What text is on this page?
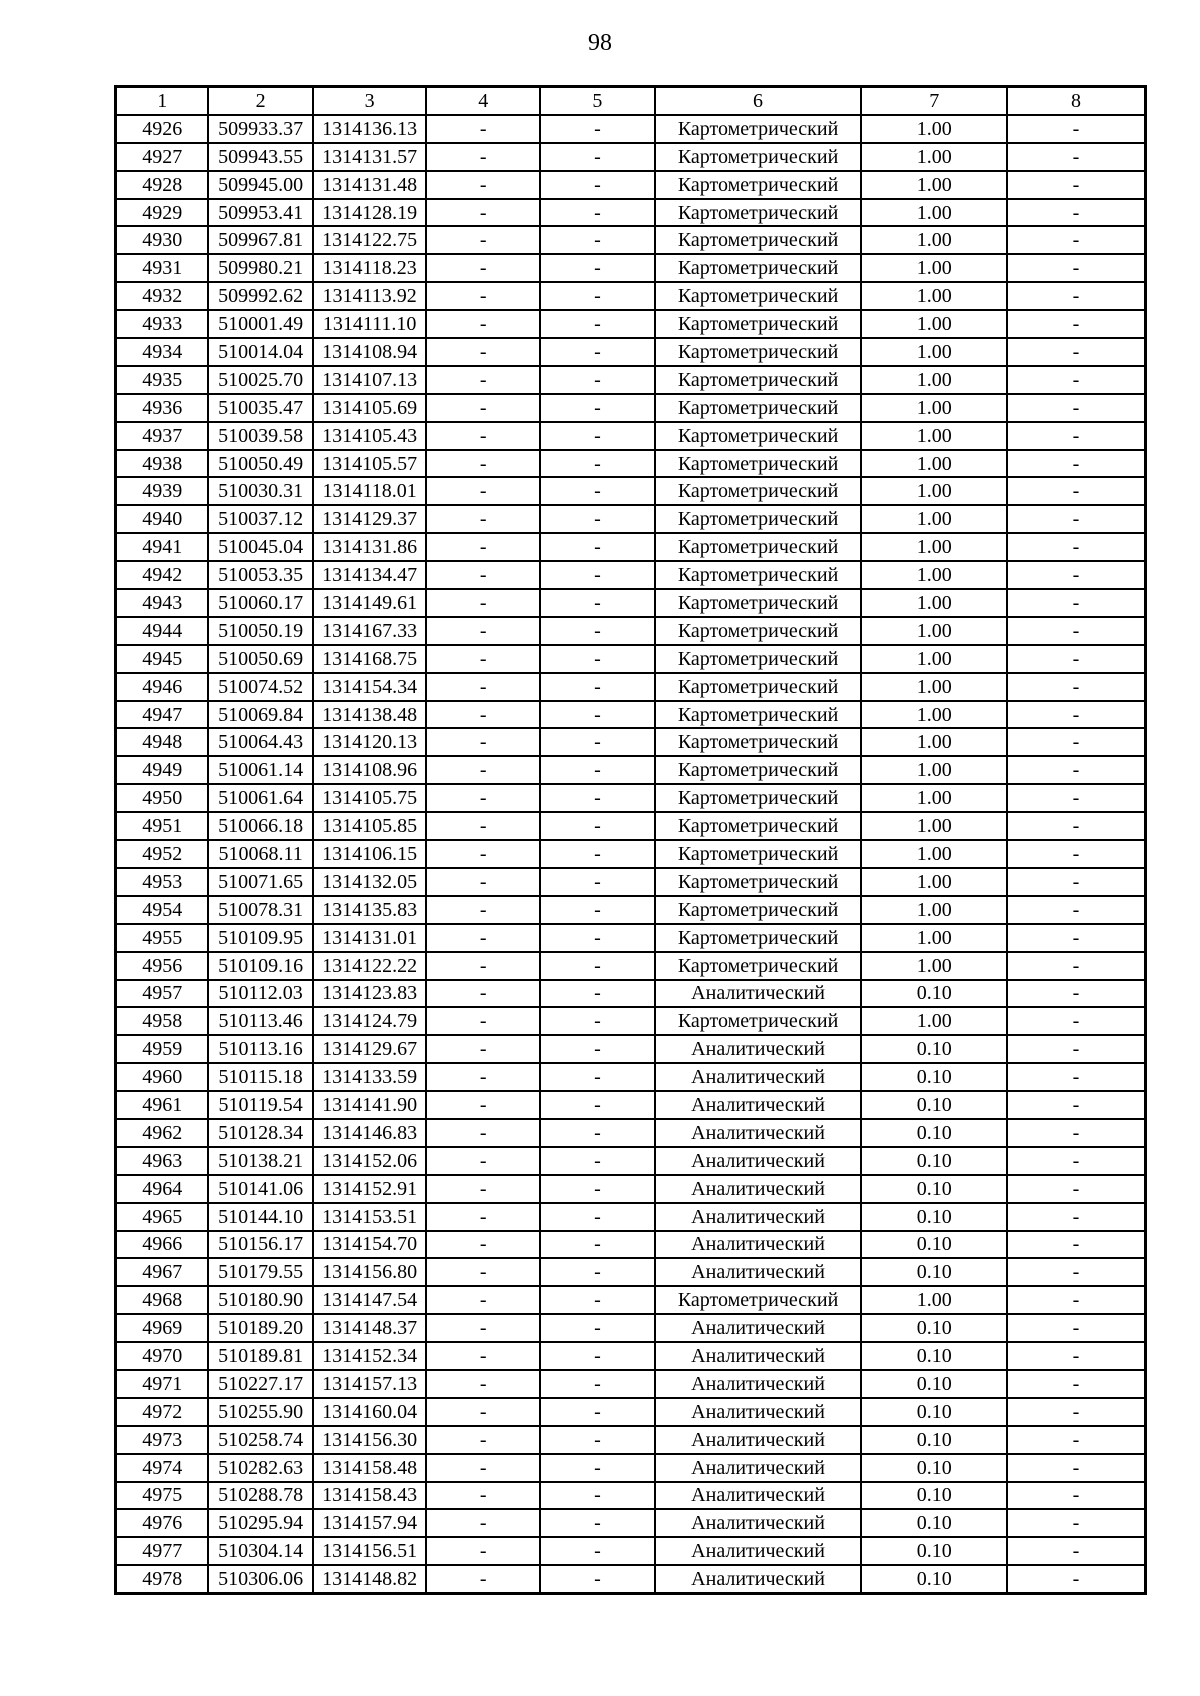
98
1	2	3	4	5	6	7	8
4926	509933.37	1314136.13	-	-	Картометрический	1.00	-
4927	509943.55	1314131.57	-	-	Картометрический	1.00	-
4928	509945.00	1314131.48	-	-	Картометрический	1.00	-
4929	509953.41	1314128.19	-	-	Картометрический	1.00	-
4930	509967.81	1314122.75	-	-	Картометрический	1.00	-
4931	509980.21	1314118.23	-	-	Картометрический	1.00	-
4932	509992.62	1314113.92	-	-	Картометрический	1.00	-
4933	510001.49	1314111.10	-	-	Картометрический	1.00	-
4934	510014.04	1314108.94	-	-	Картометрический	1.00	-
4935	510025.70	1314107.13	-	-	Картометрический	1.00	-
4936	510035.47	1314105.69	-	-	Картометрический	1.00	-
4937	510039.58	1314105.43	-	-	Картометрический	1.00	-
4938	510050.49	1314105.57	-	-	Картометрический	1.00	-
4939	510030.31	1314118.01	-	-	Картометрический	1.00	-
4940	510037.12	1314129.37	-	-	Картометрический	1.00	-
4941	510045.04	1314131.86	-	-	Картометрический	1.00	-
4942	510053.35	1314134.47	-	-	Картометрический	1.00	-
4943	510060.17	1314149.61	-	-	Картометрический	1.00	-
4944	510050.19	1314167.33	-	-	Картометрический	1.00	-
4945	510050.69	1314168.75	-	-	Картометрический	1.00	-
4946	510074.52	1314154.34	-	-	Картометрический	1.00	-
4947	510069.84	1314138.48	-	-	Картометрический	1.00	-
4948	510064.43	1314120.13	-	-	Картометрический	1.00	-
4949	510061.14	1314108.96	-	-	Картометрический	1.00	-
4950	510061.64	1314105.75	-	-	Картометрический	1.00	-
4951	510066.18	1314105.85	-	-	Картометрический	1.00	-
4952	510068.11	1314106.15	-	-	Картометрический	1.00	-
4953	510071.65	1314132.05	-	-	Картометрический	1.00	-
4954	510078.31	1314135.83	-	-	Картометрический	1.00	-
4955	510109.95	1314131.01	-	-	Картометрический	1.00	-
4956	510109.16	1314122.22	-	-	Картометрический	1.00	-
4957	510112.03	1314123.83	-	-	Аналитический	0.10	-
4958	510113.46	1314124.79	-	-	Картометрический	1.00	-
4959	510113.16	1314129.67	-	-	Аналитический	0.10	-
4960	510115.18	1314133.59	-	-	Аналитический	0.10	-
4961	510119.54	1314141.90	-	-	Аналитический	0.10	-
4962	510128.34	1314146.83	-	-	Аналитический	0.10	-
4963	510138.21	1314152.06	-	-	Аналитический	0.10	-
4964	510141.06	1314152.91	-	-	Аналитический	0.10	-
4965	510144.10	1314153.51	-	-	Аналитический	0.10	-
4966	510156.17	1314154.70	-	-	Аналитический	0.10	-
4967	510179.55	1314156.80	-	-	Аналитический	0.10	-
4968	510180.90	1314147.54	-	-	Картометрический	1.00	-
4969	510189.20	1314148.37	-	-	Аналитический	0.10	-
4970	510189.81	1314152.34	-	-	Аналитический	0.10	-
4971	510227.17	1314157.13	-	-	Аналитический	0.10	-
4972	510255.90	1314160.04	-	-	Аналитический	0.10	-
4973	510258.74	1314156.30	-	-	Аналитический	0.10	-
4974	510282.63	1314158.48	-	-	Аналитический	0.10	-
4975	510288.78	1314158.43	-	-	Аналитический	0.10	-
4976	510295.94	1314157.94	-	-	Аналитический	0.10	-
4977	510304.14	1314156.51	-	-	Аналитический	0.10	-
4978	510306.06	1314148.82	-	-	Аналитический	0.10	-
